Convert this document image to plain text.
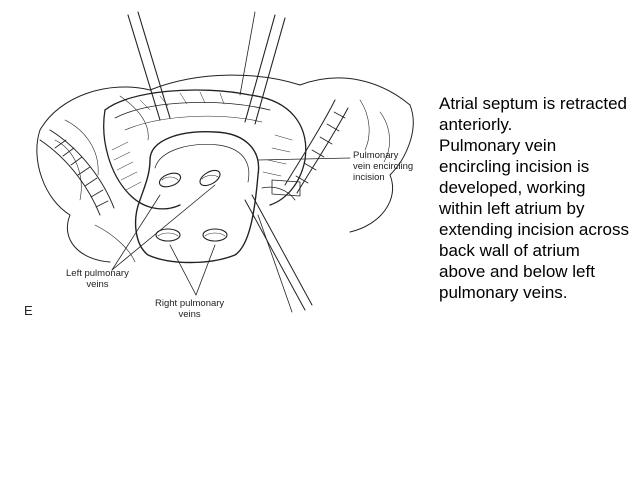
Pulmonary
vein encircling
incision
Left pulmonary
veins
Right pulmonary
veins
E

Atrial septum is retracted anteriorly.

Pulmonary vein encircling incision is developed, working within left atrium by extending incision across back wall of atrium above and below left pulmonary veins.
